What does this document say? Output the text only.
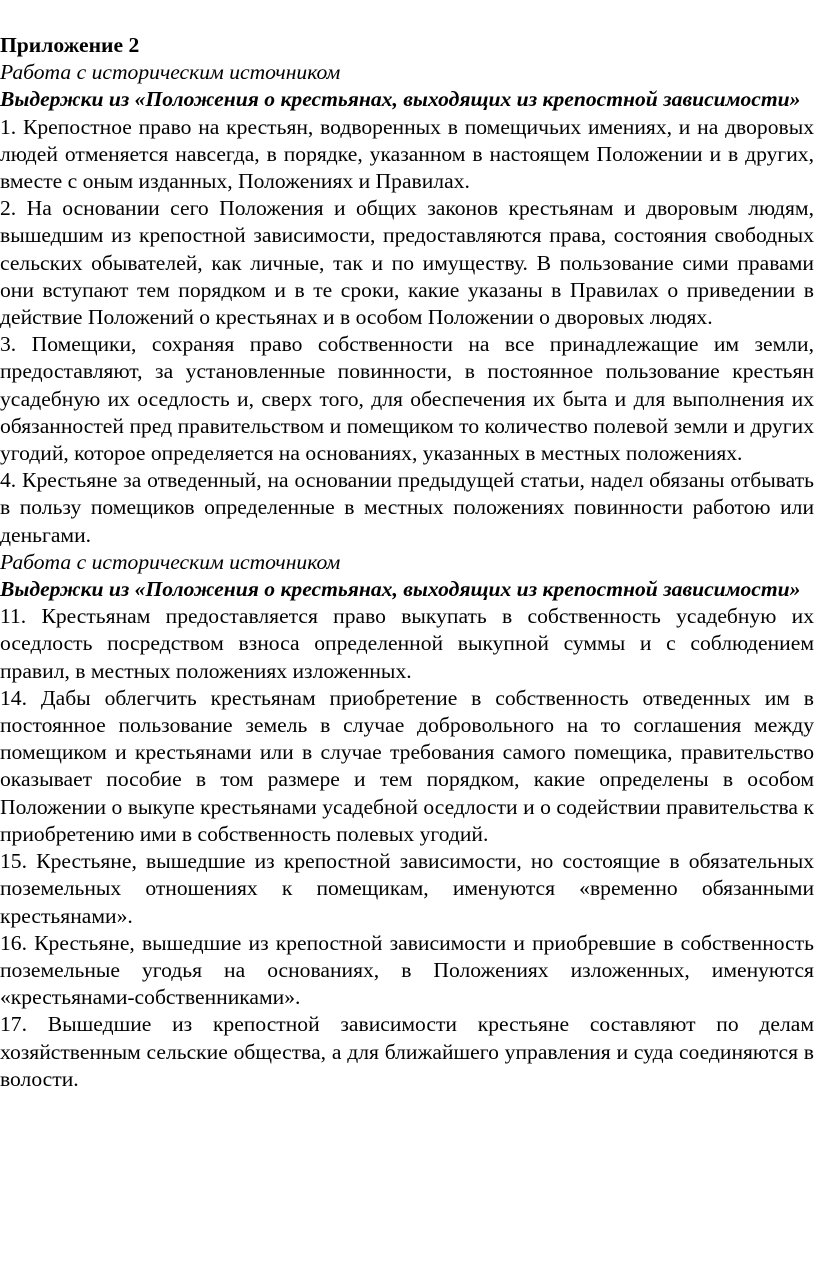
Приложение 2

Работа с историческим источником

Выдержки из «Положения о крестьянах, выходящих из крепостной зависимости»

1. Крепостное право на крестьян, водворенных в помещичьих имениях, и на дворовых людей отменяется навсегда, в порядке, указанном в настоящем Положении и в других, вместе с оным изданных, Положениях и Правилах.

2. На основании сего Положения и общих законов крестьянам и дворовым людям, вышедшим из крепостной зависимости, предоставляются права, состояния свободных сельских обывателей, как личные, так и по имуществу. В пользование сими правами они вступают тем порядком и в те сроки, какие указаны в Правилах о приведении в действие Положений о крестьянах и в особом Положении о дворовых людях.

3. Помещики, сохраняя право собственности на все принадлежащие им земли, предоставляют, за установленные повинности, в постоянное пользование крестьян усадебную их оседлость и, сверх того, для обеспечения их быта и для выполнения их обязанностей пред правительством и помещиком то количество полевой земли и других угодий, которое определяется на основаниях, указанных в местных положениях.

4. Крестьяне за отведенный, на основании предыдущей статьи, надел обязаны отбывать в пользу помещиков определенные в местных положениях повинности работою или деньгами.

Работа с историческим источником

Выдержки из «Положения о крестьянах, выходящих из крепостной зависимости»

11. Крестьянам предоставляется право выкупать в собственность усадебную их оседлость посредством взноса определенной выкупной суммы и с соблюдением правил, в местных положениях изложенных.

14. Дабы облегчить крестьянам приобретение в собственность отведенных им в постоянное пользование земель в случае добровольного на то соглашения между помещиком и крестьянами или в случае требования самого помещика, правительство оказывает пособие в том размере и тем порядком, какие определены в особом Положении о выкупе крестьянами усадебной оседлости и о содействии правительства к приобретению ими в собственность полевых угодий.

15. Крестьяне, вышедшие из крепостной зависимости, но состоящие в обязательных поземельных отношениях к помещикам, именуются «временно обязанными крестьянами».

16. Крестьяне, вышедшие из крепостной зависимости и приобревшие в собственность поземельные угодья на основаниях, в Положениях изложенных, именуются «крестьянами-собственниками».

17. Вышедшие из крепостной зависимости крестьяне составляют по делам хозяйственным сельские общества, а для ближайшего управления и суда соединяются в волости.
